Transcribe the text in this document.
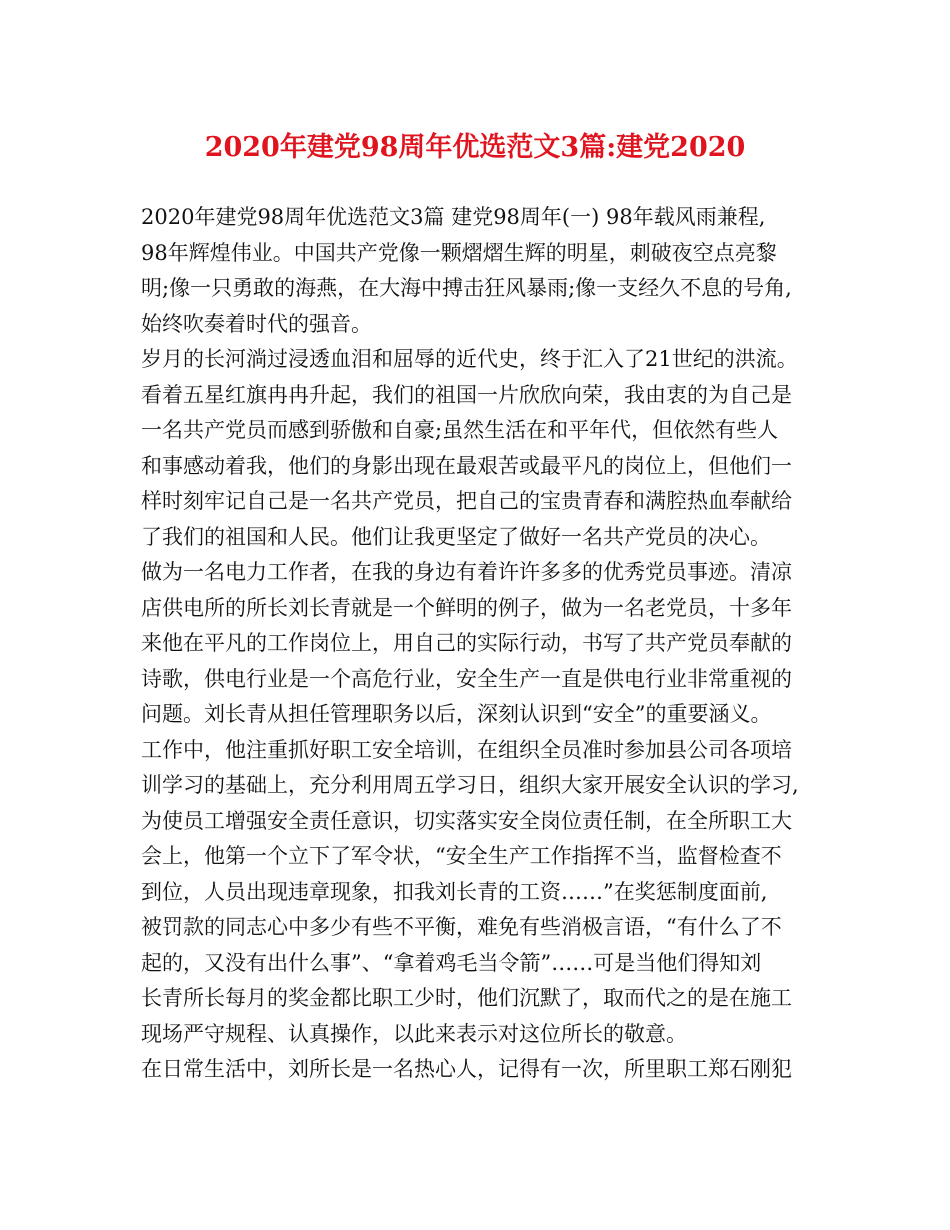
2020年建党98周年优选范文3篇:建党2020
2020年建党98周年优选范文3篇 建党98周年(一) 98年载风雨兼程,
98年辉煌伟业。中国共产党像一颗熠熠生辉的明星，刺破夜空点亮黎
明;像一只勇敢的海燕，在大海中搏击狂风暴雨;像一支经久不息的号角,
始终吹奏着时代的强音。
岁月的长河淌过浸透血泪和屈辱的近代史，终于汇入了21世纪的洪流。
看着五星红旗冉冉升起，我们的祖国一片欣欣向荣，我由衷的为自己是
一名共产党员而感到骄傲和自豪;虽然生活在和平年代，但依然有些人
和事感动着我，他们的身影出现在最艰苦或最平凡的岗位上，但他们一
样时刻牢记自己是一名共产党员，把自己的宝贵青春和满腔热血奉献给
了我们的祖国和人民。他们让我更坚定了做好一名共产党员的决心。
做为一名电力工作者，在我的身边有着许许多多的优秀党员事迹。清凉
店供电所的所长刘长青就是一个鲜明的例子，做为一名老党员，十多年
来他在平凡的工作岗位上，用自己的实际行动，书写了共产党员奉献的
诗歌，供电行业是一个高危行业，安全生产一直是供电行业非常重视的
问题。刘长青从担任管理职务以后，深刻认识到“安全”的重要涵义。
工作中，他注重抓好职工安全培训，在组织全员准时参加县公司各项培
训学习的基础上，充分利用周五学习日，组织大家开展安全认识的学习,
为使员工增强安全责任意识，切实落实安全岗位责任制，在全所职工大
会上，他第一个立下了军令状，“安全生产工作指挥不当，监督检查不
到位，人员出现违章现象，扣我刘长青的工资……”在奖惩制度面前,
被罚款的同志心中多少有些不平衡，难免有些消极言语，“有什么了不
起的，又没有出什么事”、“拿着鸡毛当令箭”……可是当他们得知刘
长青所长每月的奖金都比职工少时，他们沉默了，取而代之的是在施工
现场严守规程、认真操作，以此来表示对这位所长的敬意。
在日常生活中，刘所长是一名热心人，记得有一次，所里职工郑石刚犯
